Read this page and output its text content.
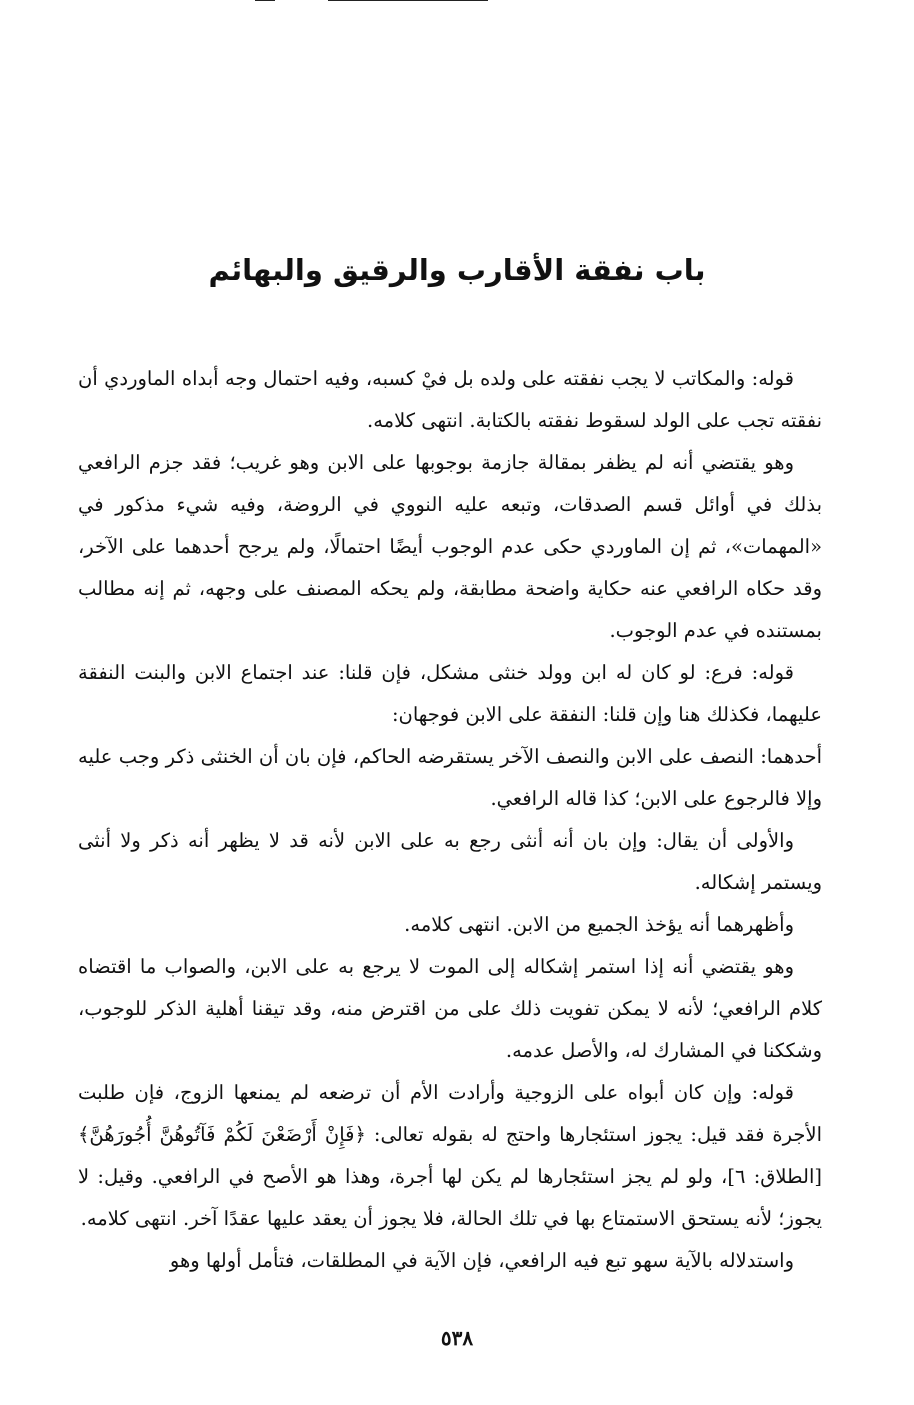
باب نفقة الأقارب والرقيق والبهائم

قوله: والمكاتب لا يجب نفقته على ولده بل فيْ كسبه، وفيه احتمال وجه أبداه الماوردي أن نفقته تجب على الولد لسقوط نفقته بالكتابة. انتهى كلامه.

وهو يقتضي أنه لم يظفر بمقالة جازمة بوجوبها على الابن وهو غريب؛ فقد جزم الرافعي بذلك في أوائل قسم الصدقات، وتبعه عليه النووي في الروضة، وفيه شيء مذكور في «المهمات»، ثم إن الماوردي حكى عدم الوجوب أيضًا احتمالًا، ولم يرجح أحدهما على الآخر، وقد حكاه الرافعي عنه حكاية واضحة مطابقة، ولم يحكه المصنف على وجهه، ثم إنه مطالب بمستنده في عدم الوجوب.

قوله: فرع: لو كان له ابن وولد خنثى مشكل، فإن قلنا: عند اجتماع الابن والبنت النفقة عليهما، فكذلك هنا وإن قلنا: النفقة على الابن فوجهان:

أحدهما: النصف على الابن والنصف الآخر يستقرضه الحاكم، فإن بان أن الخنثى ذكر وجب عليه وإلا فالرجوع على الابن؛ كذا قاله الرافعي.

والأولى أن يقال: وإن بان أنه أنثى رجع به على الابن لأنه قد لا يظهر أنه ذكر ولا أنثى ويستمر إشكاله.

وأظهرهما أنه يؤخذ الجميع من الابن. انتهى كلامه.

وهو يقتضي أنه إذا استمر إشكاله إلى الموت لا يرجع به على الابن، والصواب ما اقتضاه كلام الرافعي؛ لأنه لا يمكن تفويت ذلك على من اقترض منه، وقد تيقنا أهلية الذكر للوجوب، وشككنا في المشارك له، والأصل عدمه.

قوله: وإن كان أبواه على الزوجية وأرادت الأم أن ترضعه لم يمنعها الزوج، فإن طلبت الأجرة فقد قيل: يجوز استئجارها واحتج له بقوله تعالى: ﴿فَإِنْ أَرْضَعْنَ لَكُمْ فَآتُوهُنَّ أُجُورَهُنَّ﴾ [الطلاق: ٦]، ولو لم يجز استئجارها لم يكن لها أجرة، وهذا هو الأصح في الرافعي. وقيل: لا يجوز؛ لأنه يستحق الاستمتاع بها في تلك الحالة، فلا يجوز أن يعقد عليها عقدًا آخر. انتهى كلامه.

واستدلاله بالآية سهو تبع فيه الرافعي، فإن الآية في المطلقات، فتأمل أولها وهو

٥٣٨
